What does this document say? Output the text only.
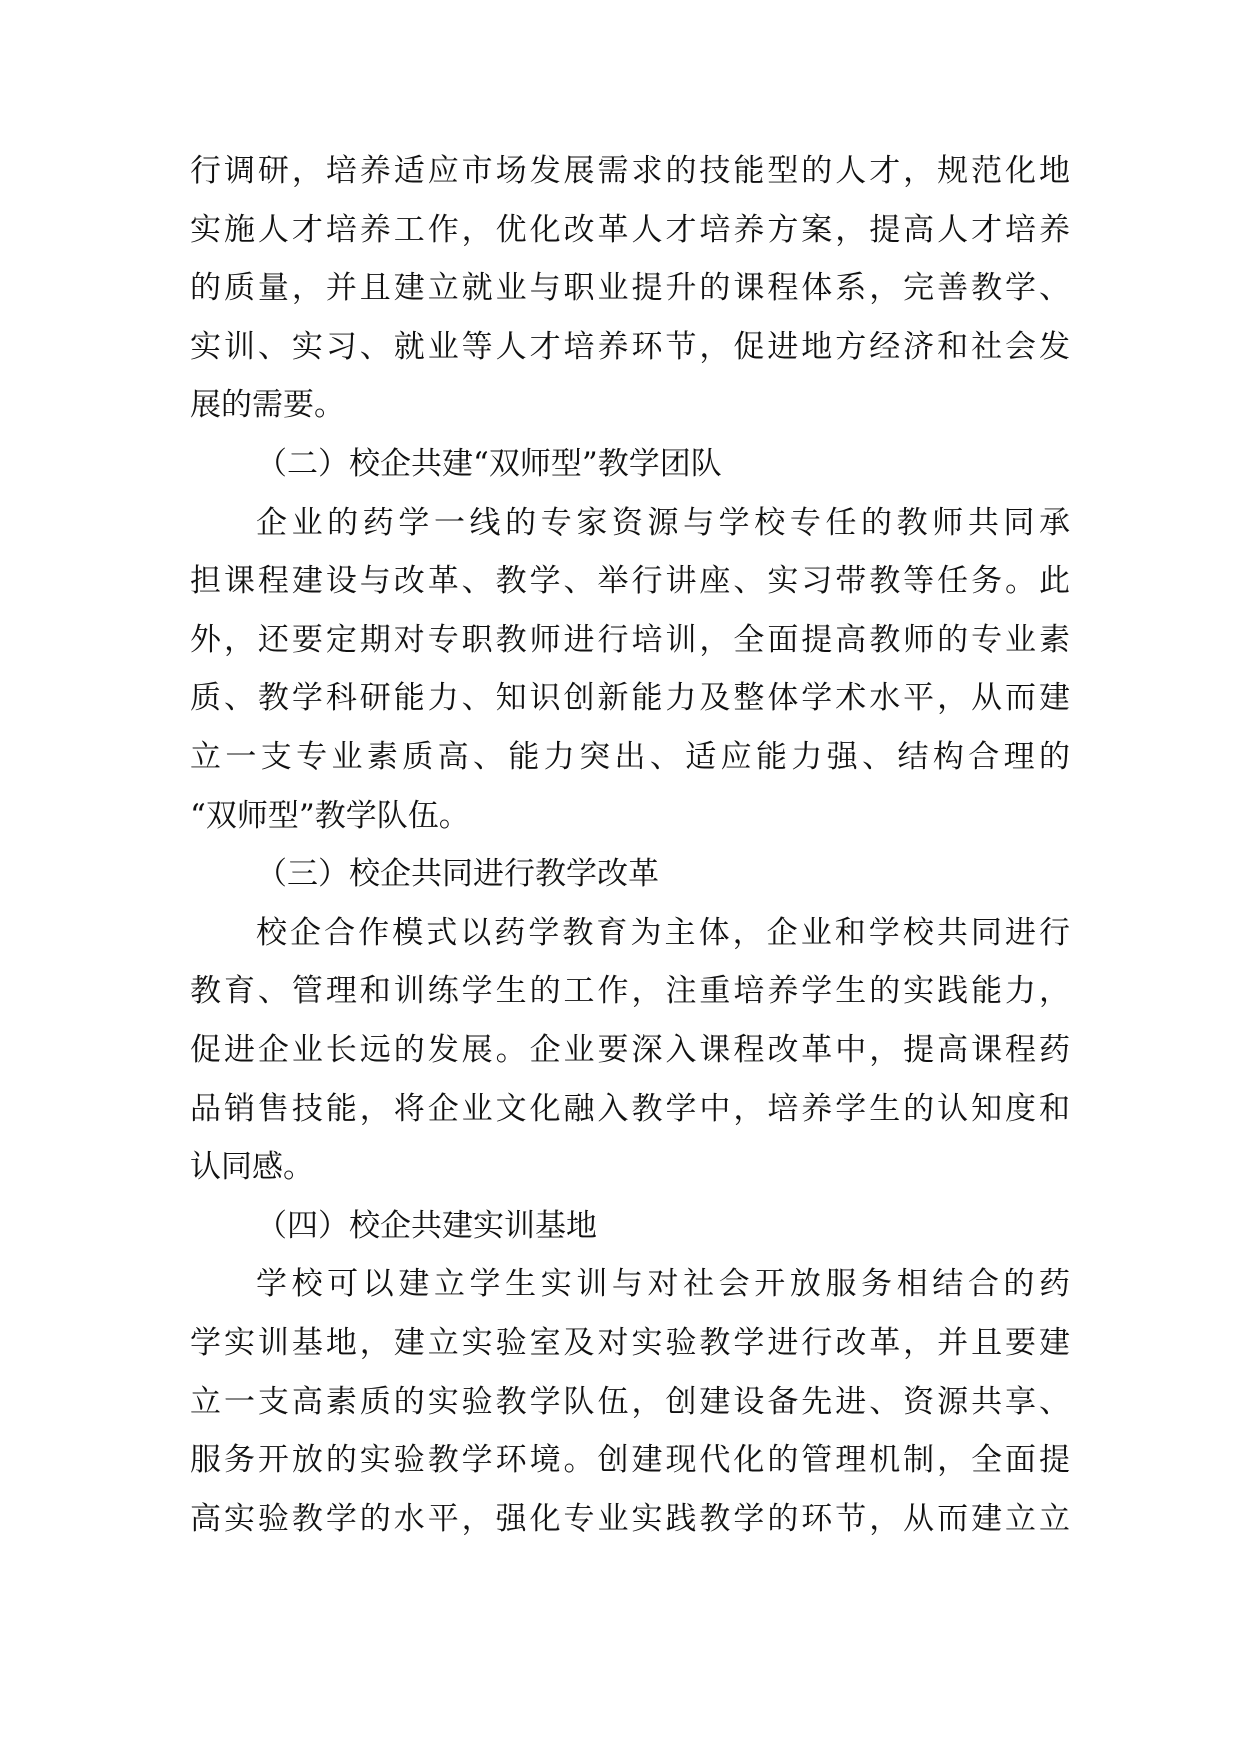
行调研，培养适应市场发展需求的技能型的人才，规范化地
实施人才培养工作，优化改革人才培养方案，提高人才培养
的质量，并且建立就业与职业提升的课程体系，完善教学、
实训、实习、就业等人才培养环节，促进地方经济和社会发
展的需要。
（二）校企共建“双师型”教学团队
企业的药学一线的专家资源与学校专任的教师共同承
担课程建设与改革、教学、举行讲座、实习带教等任务。此
外，还要定期对专职教师进行培训，全面提高教师的专业素
质、教学科研能力、知识创新能力及整体学术水平，从而建
立一支专业素质高、能力突出、适应能力强、结构合理的
“双师型”教学队伍。
（三）校企共同进行教学改革
校企合作模式以药学教育为主体，企业和学校共同进行
教育、管理和训练学生的工作，注重培养学生的实践能力，
促进企业长远的发展。企业要深入课程改革中，提高课程药
品销售技能，将企业文化融入教学中，培养学生的认知度和
认同感。
（四）校企共建实训基地
学校可以建立学生实训与对社会开放服务相结合的药
学实训基地，建立实验室及对实验教学进行改革，并且要建
立一支高素质的实验教学队伍，创建设备先进、资源共享、
服务开放的实验教学环境。创建现代化的管理机制，全面提
高实验教学的水平，强化专业实践教学的环节，从而建立立
